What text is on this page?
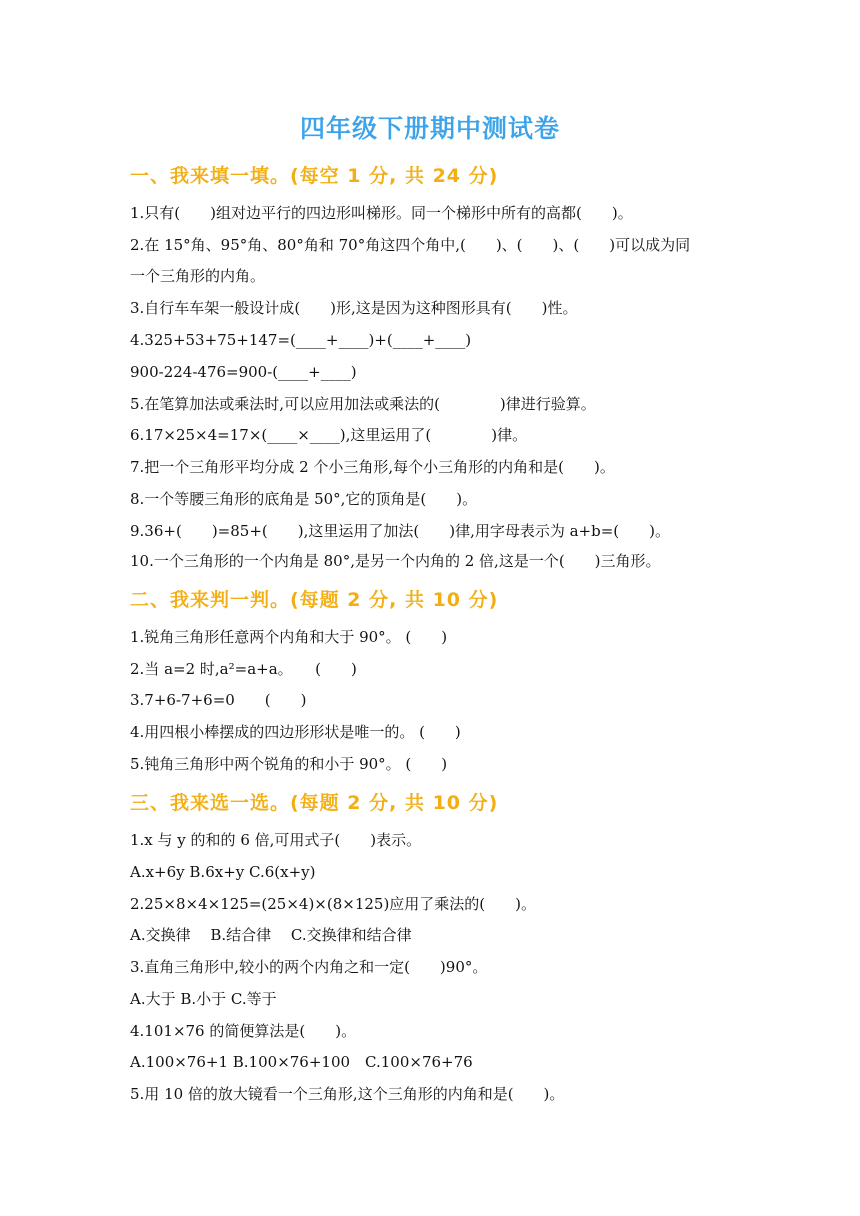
四年级下册期中测试卷
一、我来填一填。(每空 1 分, 共 24 分)
1.只有(　　)组对边平行的四边形叫梯形。同一个梯形中所有的高都(　　)。
2.在 15°角、95°角、80°角和 70°角这四个角中,(　　)、(　　)、(　　)可以成为同
一个三角形的内角。
3.自行车车架一般设计成(　　)形,这是因为这种图形具有(　　)性。
4.325+53+75+147=(____+____)+(____+____)
900-224-476=900-(____+____)
5.在笔算加法或乘法时,可以应用加法或乘法的(　　　　)律进行验算。
6.17×25×4=17×(____×____),这里运用了(　　　　)律。
7.把一个三角形平均分成 2 个小三角形,每个小三角形的内角和是(　　)。
8.一个等腰三角形的底角是 50°,它的顶角是(　　)。
9.36+(　　)=85+(　　),这里运用了加法(　　)律,用字母表示为 a+b=(　　)。
10.一个三角形的一个内角是 80°,是另一个内角的 2 倍,这是一个(　　)三角形。
二、我来判一判。(每题 2 分, 共 10 分)
1.锐角三角形任意两个内角和大于 90°。 (　　)
2.当 a=2 时,a²=a+a。　　(　　)
3.7+6-7+6=0　　(　　)
4.用四根小棒摆成的四边形形状是唯一的。 (　　)
5.钝角三角形中两个锐角的和小于 90°。 (　　)
三、我来选一选。(每题 2 分, 共 10 分)
1.x 与 y 的和的 6 倍,可用式子(　　)表示。
A.x+6y B.6x+y C.6(x+y)
2.25×8×4×125=(25×4)×(8×125)应用了乘法的(　　)。
A.交换律　 B.结合律　 C.交换律和结合律
3.直角三角形中,较小的两个内角之和一定(　　)90°。
A.大于 B.小于 C.等于
4.101×76 的简便算法是(　　)。
A.100×76+1 B.100×76+100　C.100×76+76
5.用 10 倍的放大镜看一个三角形,这个三角形的内角和是(　　)。
